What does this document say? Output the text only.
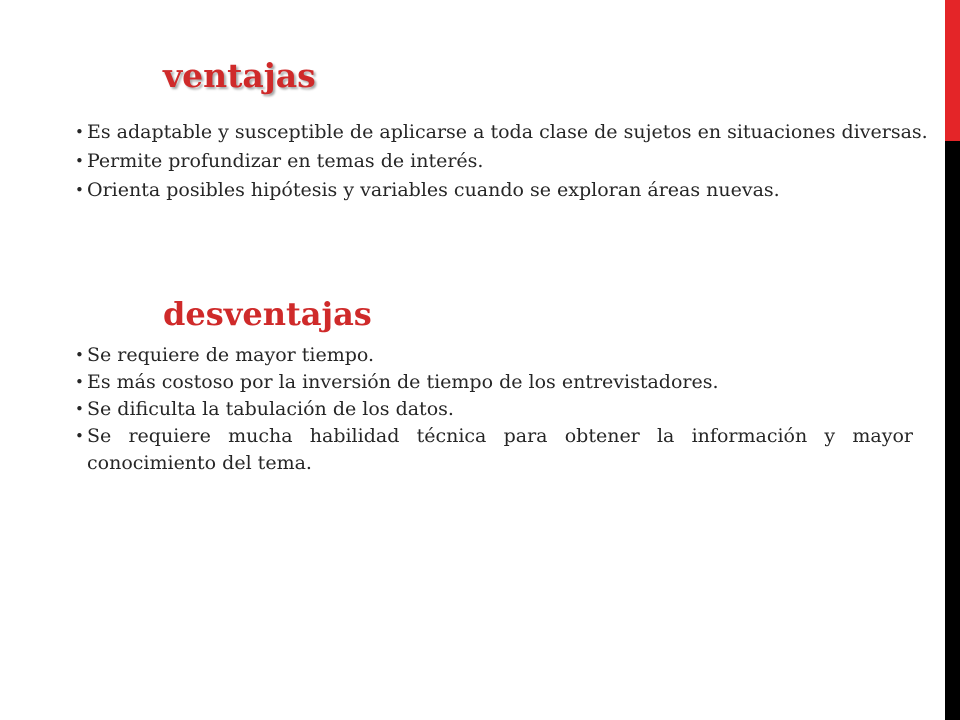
ventajas
• Es adaptable y susceptible de aplicarse a toda clase de sujetos en situaciones diversas.
• Permite profundizar en temas de interés.
• Orienta posibles hipótesis y variables cuando se exploran áreas nuevas.
desventajas
• Se requiere de mayor tiempo.
• Es más costoso por la inversión de tiempo de los entrevistadores.
• Se dificulta la tabulación de los datos.
• Se requiere mucha habilidad técnica para obtener la información y mayor conocimiento del tema.
